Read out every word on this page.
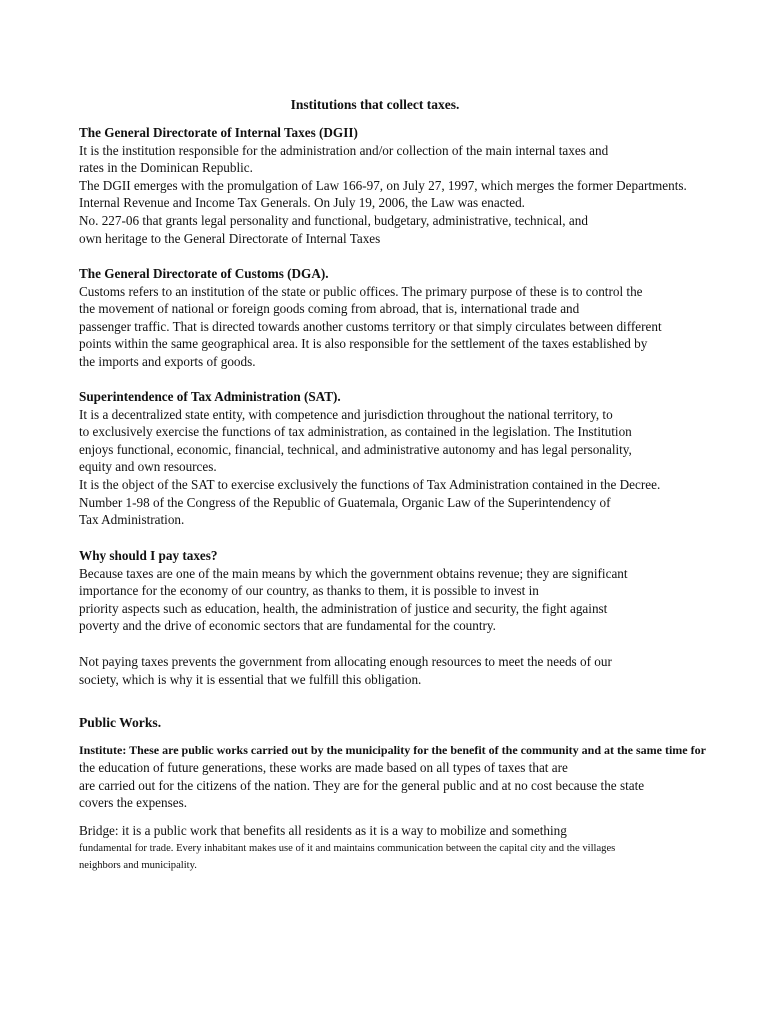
Institutions that collect taxes.
The General Directorate of Internal Taxes (DGII)
It is the institution responsible for the administration and/or collection of the main internal taxes and
rates in the Dominican Republic.
The DGII emerges with the promulgation of Law 166-97, on July 27, 1997, which merges the former Departments.
Internal Revenue and Income Tax Generals. On July 19, 2006, the Law was enacted.
No. 227-06 that grants legal personality and functional, budgetary, administrative, technical, and
own heritage to the General Directorate of Internal Taxes
The General Directorate of Customs (DGA).
Customs refers to an institution of the state or public offices. The primary purpose of these is to control the
the movement of national or foreign goods coming from abroad, that is, international trade and
passenger traffic. That is directed towards another customs territory or that simply circulates between different
points within the same geographical area. It is also responsible for the settlement of the taxes established by
the imports and exports of goods.
Superintendence of Tax Administration (SAT).
It is a decentralized state entity, with competence and jurisdiction throughout the national territory, to
to exclusively exercise the functions of tax administration, as contained in the legislation. The Institution
enjoys functional, economic, financial, technical, and administrative autonomy and has legal personality,
equity and own resources.
It is the object of the SAT to exercise exclusively the functions of Tax Administration contained in the Decree.
Number 1-98 of the Congress of the Republic of Guatemala, Organic Law of the Superintendency of
Tax Administration.
Why should I pay taxes?
Because taxes are one of the main means by which the government obtains revenue; they are significant
importance for the economy of our country, as thanks to them, it is possible to invest in
priority aspects such as education, health, the administration of justice and security, the fight against
poverty and the drive of economic sectors that are fundamental for the country.
Not paying taxes prevents the government from allocating enough resources to meet the needs of our
society, which is why it is essential that we fulfill this obligation.
Public Works.
Institute: These are public works carried out by the municipality for the benefit of the community and at the same time for
the education of future generations, these works are made based on all types of taxes that are
are carried out for the citizens of the nation. They are for the general public and at no cost because the state
covers the expenses.
Bridge: it is a public work that benefits all residents as it is a way to mobilize and something
fundamental for trade. Every inhabitant makes use of it and maintains communication between the capital city and the villages
neighbors and municipality.
